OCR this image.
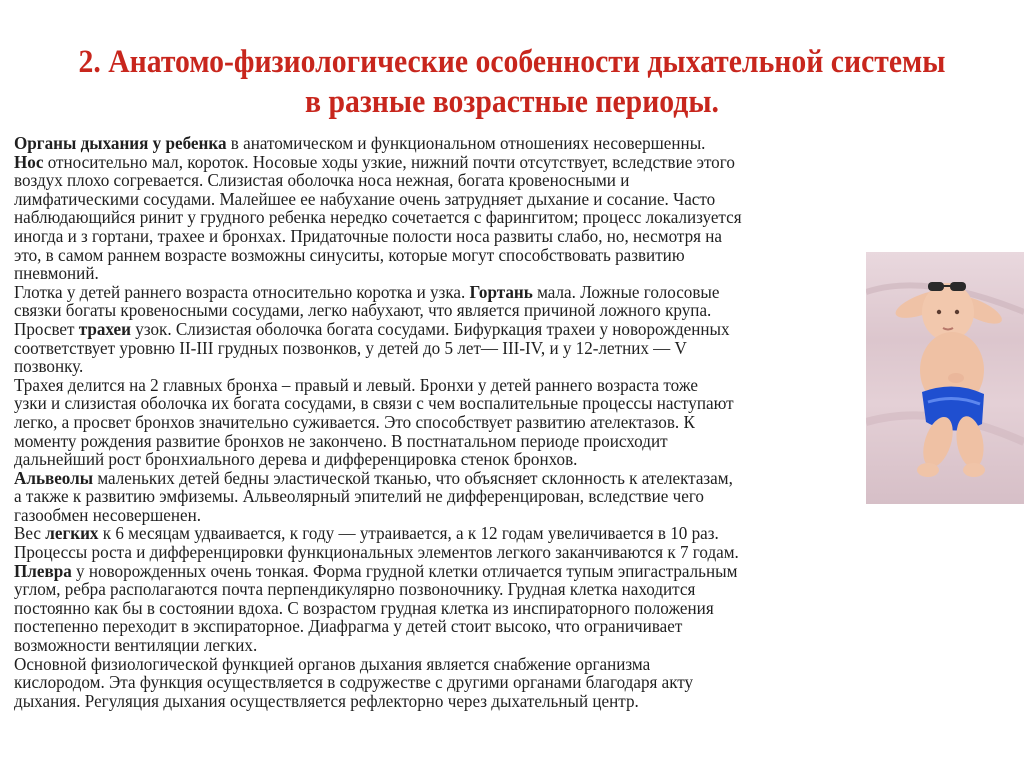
2. Анатомо-физиологические особенности дыхательной системы
в разные возрастные периоды.
Органы дыхания у ребенка в анатомическом и функциональном отношениях несовершенны.
Нос относительно мал, короток. Носовые ходы узкие, нижний почти отсутствует, вследствие этого
воздух плохо согревается. Слизистая оболочка носа нежная, богата кровеносными и
лимфатическими сосудами. Малейшее ее набухание очень затрудняет дыхание и сосание. Часто
наблюдающийся ринит у грудного ребенка нередко сочетается с фарингитом; процесс локализуется
иногда и з гортани, трахее и бронхах. Придаточные полости носа развиты слабо, но, несмотря на
это, в самом раннем возрасте возможны синуситы, которые могут способствовать развитию
пневмоний.
Глотка у детей раннего возраста относительно коротка и узка. Гортань мала. Ложные голосовые
связки богаты кровеносными сосудами, легко набухают, что является причиной ложного крупа.
Просвет трахеи узок. Слизистая оболочка богата сосудами. Бифуркация трахеи у новорожденных
соответствует уровню II-III грудных позвонков, у детей до 5 лет— III-IV, и у 12-летних — V
позвонку.
Трахея делится на 2 главных бронха – правый и левый. Бронхи у детей раннего возраста тоже
узки и слизистая оболочка их богата сосудами, в связи с чем воспалительные процессы наступают
легко, а просвет бронхов значительно суживается. Это способствует развитию ателектазов. К
моменту рождения развитие бронхов не закончено. В постнатальном периоде происходит
дальнейший рост бронхиального дерева и дифференцировка стенок бронхов.
Альвеолы маленьких детей бедны эластической тканью, что объясняет склонность к ателектазам,
а также к развитию эмфиземы. Альвеолярный эпителий не дифференцирован, вследствие чего
газообмен несовершенен.
Вес легких к 6 месяцам удваивается, к году — утраивается, а к 12 годам увеличивается в 10 раз.
Процессы роста и дифференцировки функциональных элементов легкого заканчиваются к 7 годам.
Плевра у новорожденных очень тонкая. Форма грудной клетки отличается тупым эпигастральным
углом, ребра располагаются почта перпендикулярно позвоночнику. Грудная клетка находится
постоянно как бы в состоянии вдоха. С возрастом грудная клетка из инспираторного положения
постепенно переходит в экспираторное. Диафрагма у детей стоит высоко, что ограничивает
возможности вентиляции легких.
Основной физиологической функцией органов дыхания является снабжение организма
кислородом. Эта функция осуществляется в содружестве с другими органами благодаря акту
дыхания. Регуляция дыхания осуществляется рефлекторно через дыхательный центр.
